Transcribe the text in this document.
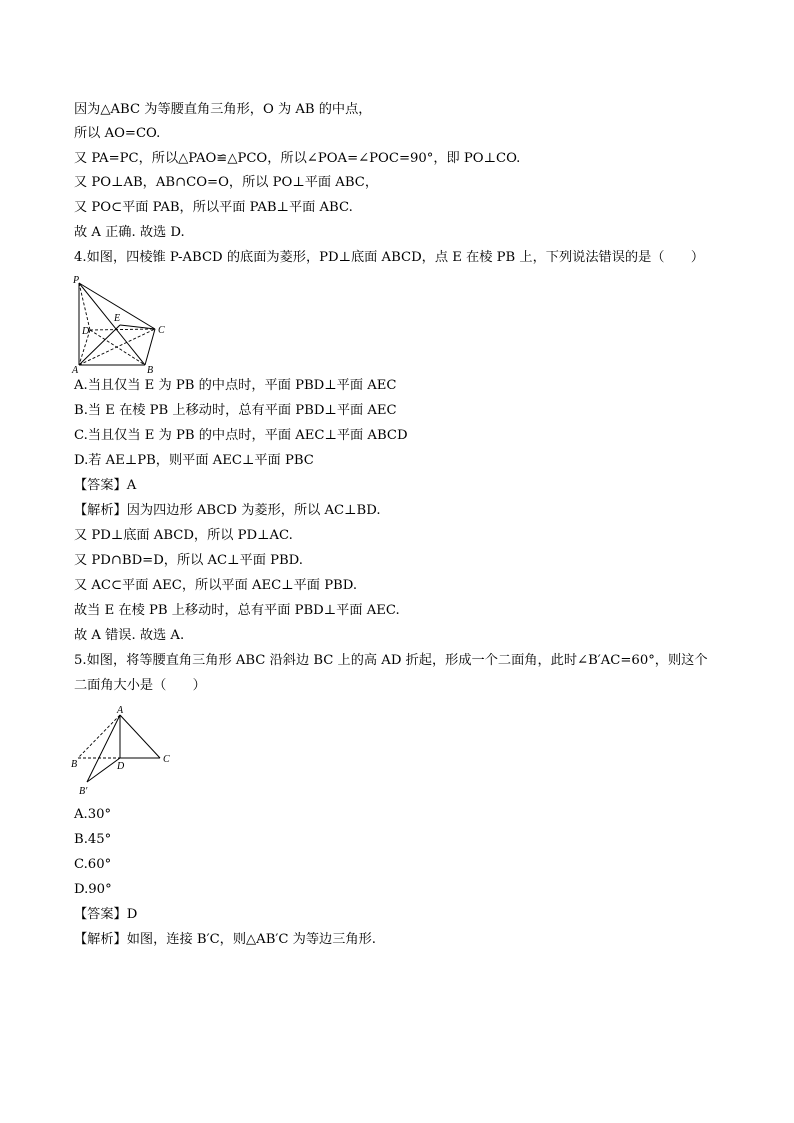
因为△ABC 为等腰直角三角形，O 为 AB 的中点，
所以 AO=CO.
又 PA=PC，所以△PAO≌△PCO，所以∠POA=∠POC=90°，即 PO⊥CO.
又 PO⊥AB，AB∩CO=O，所以 PO⊥平面 ABC，
又 PO⊂平面 PAB，所以平面 PAB⊥平面 ABC.
故 A 正确. 故选 D.
4.如图，四棱锥 P-ABCD 的底面为菱形，PD⊥底面 ABCD，点 E 在棱 PB 上，下列说法错误的是（　　）
P
E
D	C
A	B
A.当且仅当 E 为 PB 的中点时，平面 PBD⊥平面 AEC
B.当 E 在棱 PB 上移动时，总有平面 PBD⊥平面 AEC
C.当且仅当 E 为 PB 的中点时，平面 AEC⊥平面 ABCD
D.若 AE⊥PB，则平面 AEC⊥平面 PBC
【答案】A
【解析】因为四边形 ABCD 为菱形，所以 AC⊥BD.
又 PD⊥底面 ABCD，所以 PD⊥AC.
又 PD∩BD=D，所以 AC⊥平面 PBD.
又 AC⊂平面 AEC，所以平面 AEC⊥平面 PBD.
故当 E 在棱 PB 上移动时，总有平面 PBD⊥平面 AEC.
故 A 错误. 故选 A.
5.如图，将等腰直角三角形 ABC 沿斜边 BC 上的高 AD 折起，形成一个二面角，此时∠B′AC=60°，则这个
二面角大小是（　　）
A
B	D
C
B′
A.30°
B.45°
C.60°
D.90°
【答案】D
【解析】如图，连接 B′C，则△AB′C 为等边三角形.
